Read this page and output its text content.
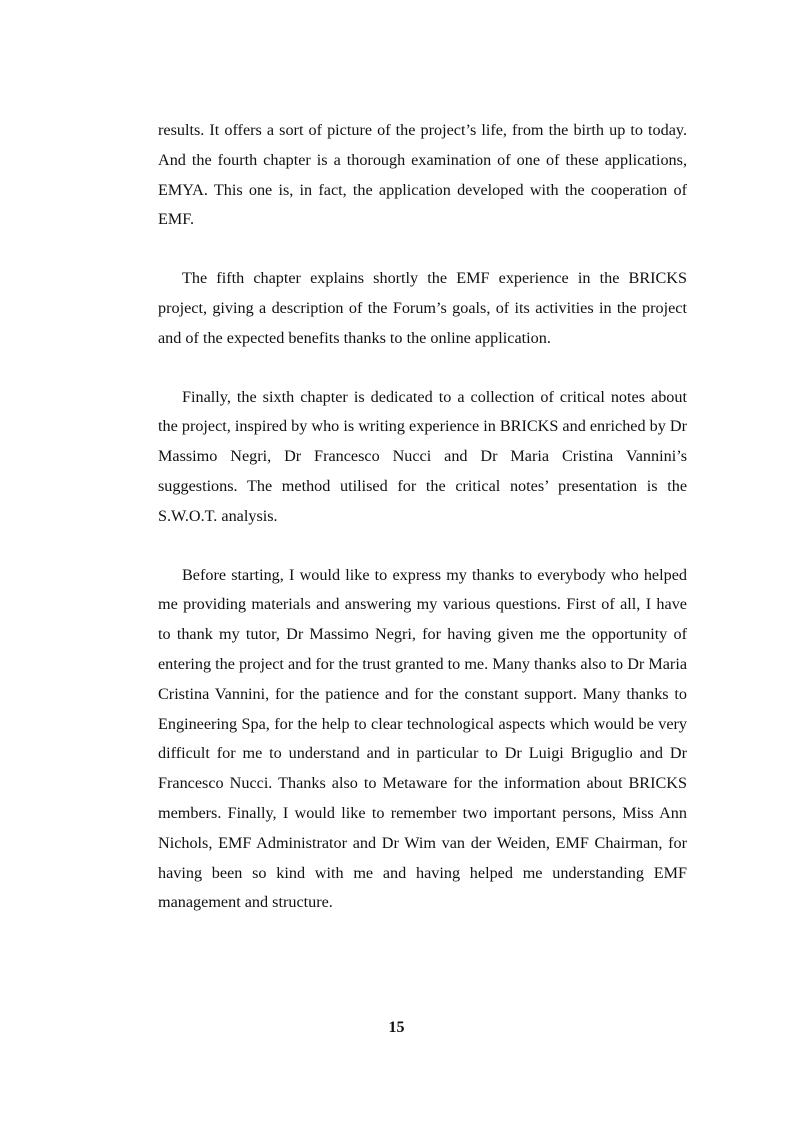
results. It offers a sort of picture of the project’s life, from the birth up to today. And the fourth chapter is a thorough examination of one of these applications, EMYA. This one is, in fact, the application developed with the cooperation of EMF.

The fifth chapter explains shortly the EMF experience in the BRICKS project, giving a description of the Forum’s goals, of its activities in the project and of the expected benefits thanks to the online application.

Finally, the sixth chapter is dedicated to a collection of critical notes about the project, inspired by who is writing experience in BRICKS and enriched by Dr Massimo Negri, Dr Francesco Nucci and Dr Maria Cristina Vannini’s suggestions. The method utilised for the critical notes’ presentation is the S.W.O.T. analysis.

Before starting, I would like to express my thanks to everybody who helped me providing materials and answering my various questions. First of all, I have to thank my tutor, Dr Massimo Negri, for having given me the opportunity of entering the project and for the trust granted to me. Many thanks also to Dr Maria Cristina Vannini, for the patience and for the constant support. Many thanks to Engineering Spa, for the help to clear technological aspects which would be very difficult for me to understand and in particular to Dr Luigi Briguglio and Dr Francesco Nucci. Thanks also to Metaware for the information about BRICKS members. Finally, I would like to remember two important persons, Miss Ann Nichols, EMF Administrator and Dr Wim van der Weiden, EMF Chairman, for having been so kind with me and having helped me understanding EMF management and structure.

15
